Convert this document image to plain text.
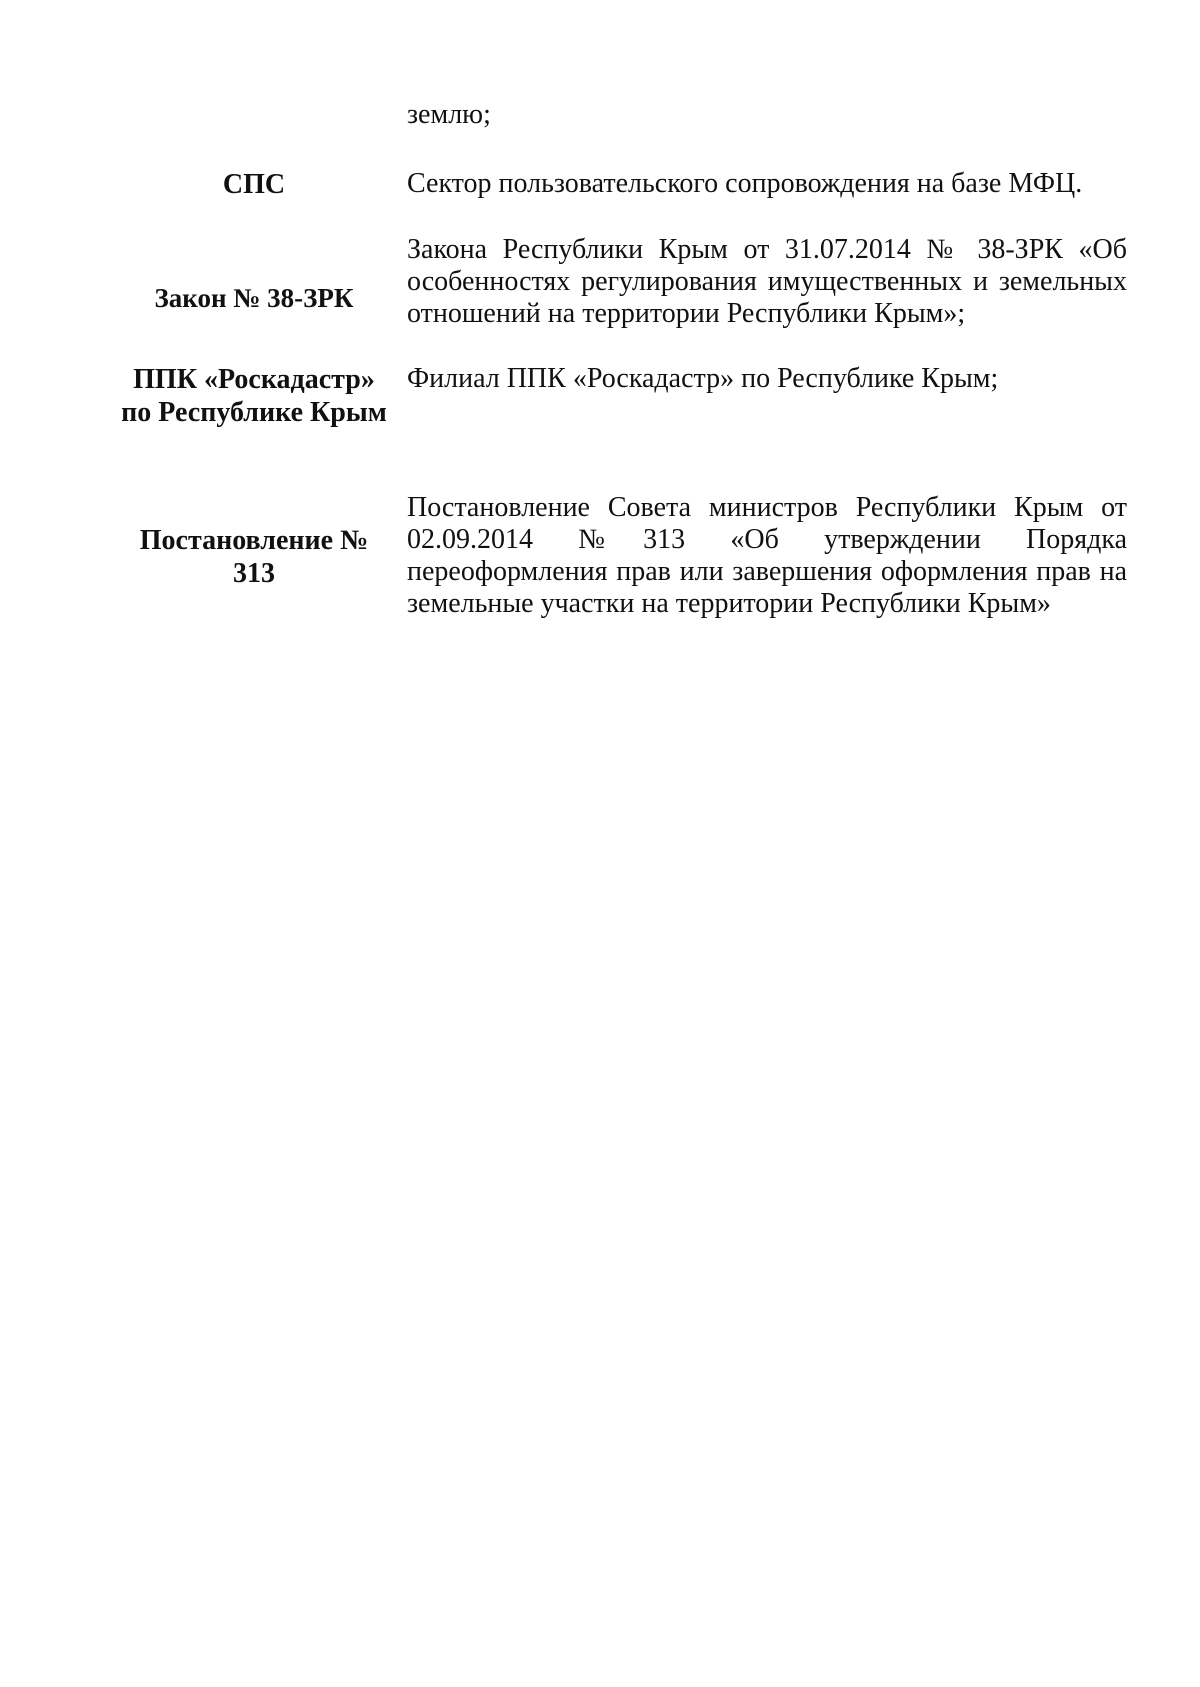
землю;
СПС	Сектор пользовательского сопровождения на базе МФЦ.
Закон № 38-ЗРК
Закона Республики Крым от 31.07.2014 № 38-ЗРК «Об особенностях регулирования имущественных и земельных отношений на территории Республики Крым»;
ППК «Роскадастр» по Республике Крым
Филиал ППК «Роскадастр» по Республике Крым;
Постановление № 313
Постановление Совета министров Республики Крым от 02.09.2014 №313 «Об утверждении Порядка переоформления прав или завершения оформления прав на земельные участки на территории Республики Крым»
